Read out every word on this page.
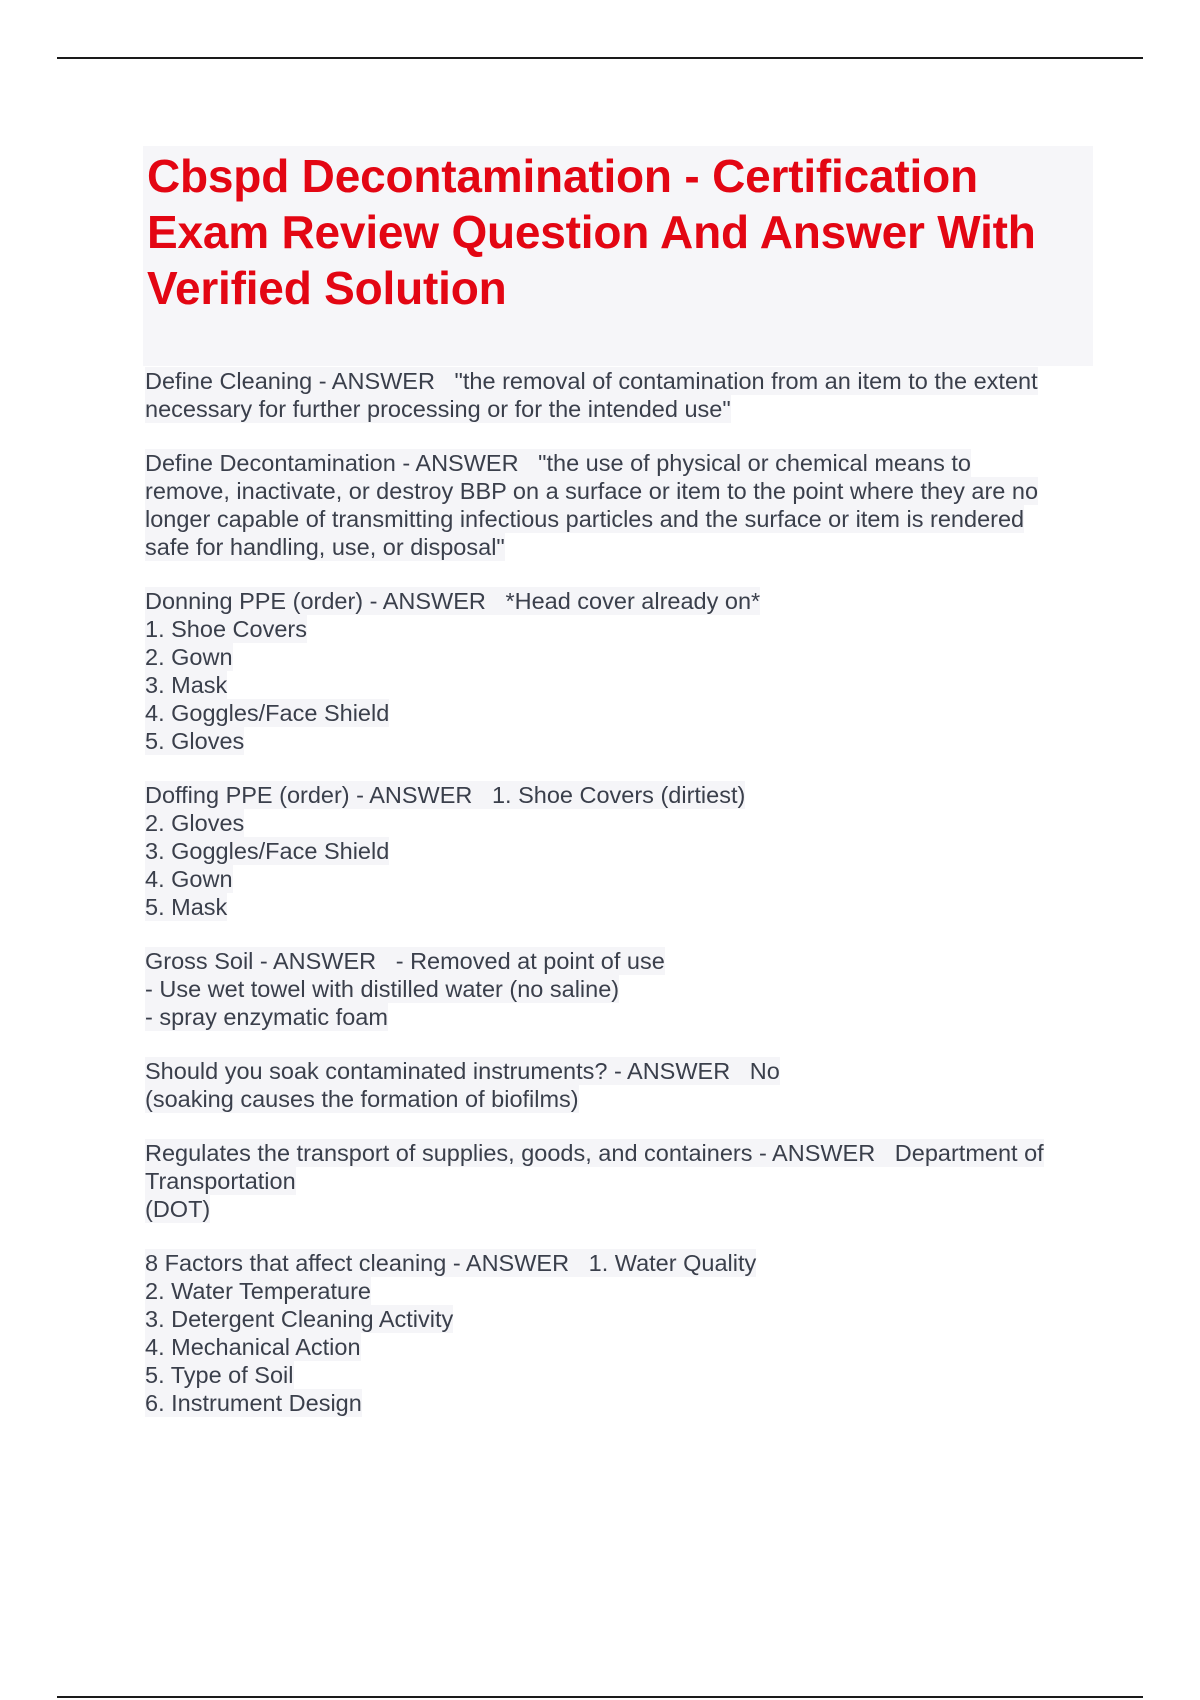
Cbspd Decontamination - Certification
Exam Review Question And Answer With
Verified Solution
Define Cleaning - ANSWER   "the removal of contamination from an item to the extent
necessary for further processing or for the intended use"
Define Decontamination - ANSWER   "the use of physical or chemical means to
remove, inactivate, or destroy BBP on a surface or item to the point where they are no
longer capable of transmitting infectious particles and the surface or item is rendered
safe for handling, use, or disposal"
Donning PPE (order) - ANSWER   *Head cover already on*
1. Shoe Covers
2. Gown
3. Mask
4. Goggles/Face Shield
5. Gloves
Doffing PPE (order) - ANSWER   1. Shoe Covers (dirtiest)
2. Gloves
3. Goggles/Face Shield
4. Gown
5. Mask
Gross Soil - ANSWER   - Removed at point of use
- Use wet towel with distilled water (no saline)
- spray enzymatic foam
Should you soak contaminated instruments? - ANSWER   No
(soaking causes the formation of biofilms)
Regulates the transport of supplies, goods, and containers - ANSWER   Department of
Transportation
(DOT)
8 Factors that affect cleaning - ANSWER   1. Water Quality
2. Water Temperature
3. Detergent Cleaning Activity
4. Mechanical Action
5. Type of Soil
6. Instrument Design
